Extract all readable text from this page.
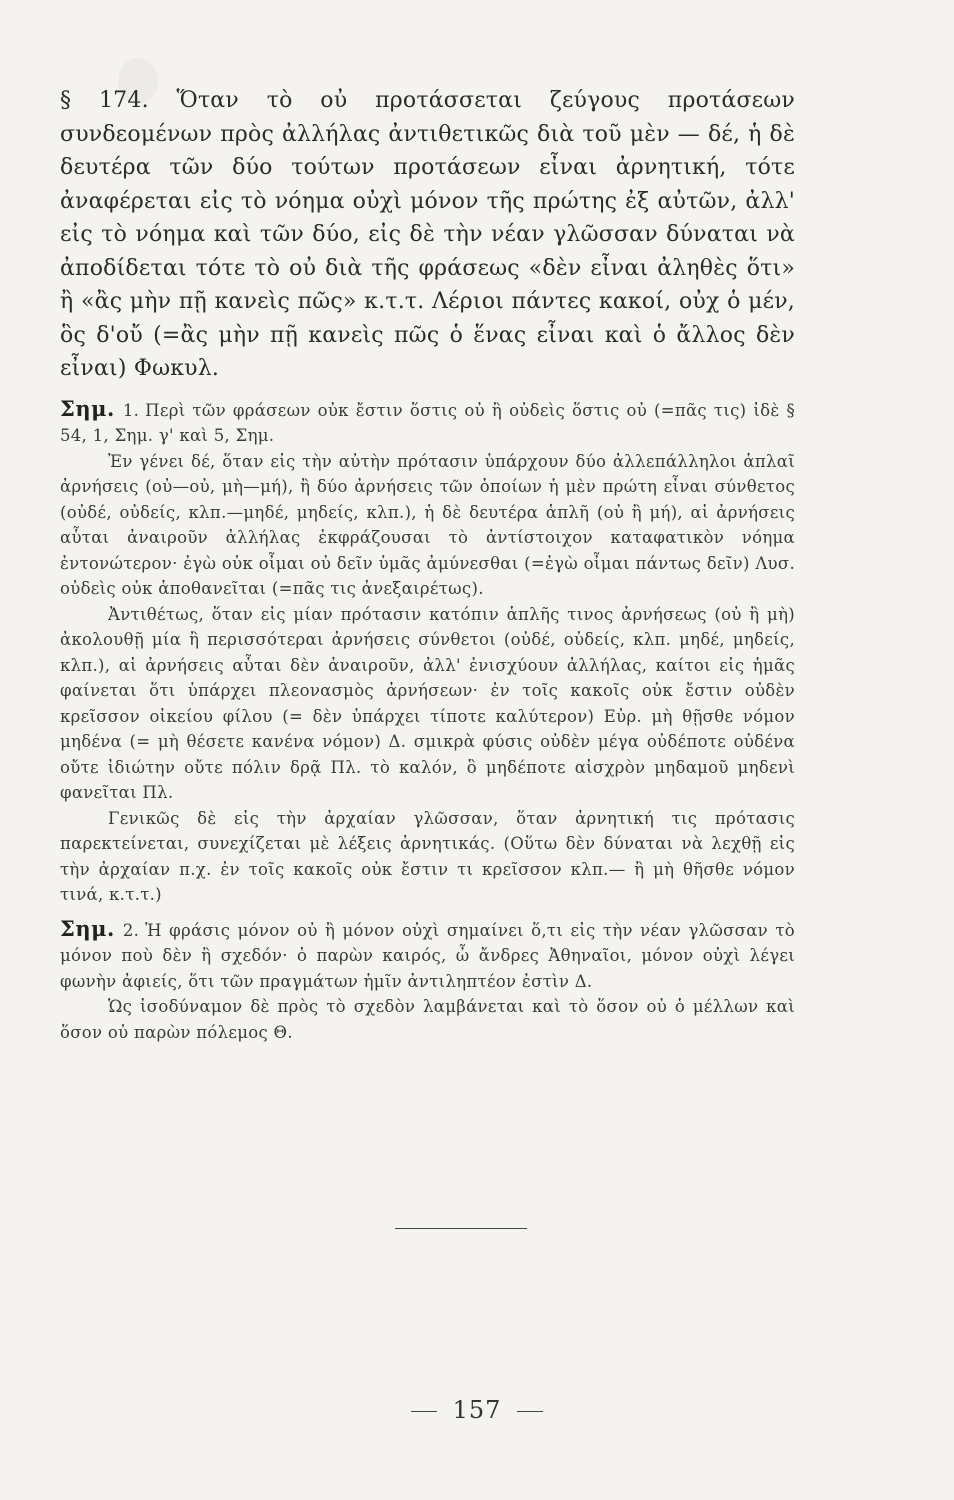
§ 174. Ὅταν τὸ οὐ προτάσσεται ζεύγους προτάσεων συνδεομένων πρὸς ἀλλήλας ἀντιθετικῶς διὰ τοῦ μὲν — δέ, ἡ δὲ δευτέρα τῶν δύο τούτων προτάσεων εἶναι ἀρνητική, τότε ἀναφέρεται εἰς τὸ νόημα οὐχὶ μόνον τῆς πρώτης ἐξ αὐτῶν, ἀλλ' εἰς τὸ νόημα καὶ τῶν δύο, εἰς δὲ τὴν νέαν γλῶσσαν δύναται νὰ ἀποδίδεται τότε τὸ οὐ διὰ τῆς φράσεως «δὲν εἶναι ἀληθὲς ὅτι» ἢ «ἂς μὴν πῇ κανεὶς πῶς» κ.τ.τ. Λέριοι πάντες κακοί, οὐχ ὁ μέν, ὃς δ'οὔ (=ἂς μὴν πῇ κανεὶς πῶς ὁ ἕνας εἶναι καὶ ὁ ἄλλος δὲν εἶναι) Φωκυλ.

Σημ. 1. Περὶ τῶν φράσεων οὐκ ἔστιν ὅστις οὐ ἢ οὐδεὶς ὅστις οὐ (=πᾶς τις) ἰδὲ § 54, 1, Σημ. γ' καὶ 5, Σημ.

Ἐν γένει δέ, ὅταν εἰς τὴν αὐτὴν πρότασιν ὑπάρχουν δύο ἀλλεπάλληλοι ἁπλαῖ ἀρνήσεις (οὐ—οὐ, μὴ—μή), ἢ δύο ἀρνήσεις τῶν ὁποίων ἡ μὲν πρώτη εἶναι σύνθετος (οὐδέ, οὐδείς, κλπ.—μηδέ, μηδείς, κλπ.), ἡ δὲ δευτέρα ἁπλῆ (οὐ ἢ μή), αἱ ἀρνήσεις αὗται ἀναιροῦν ἀλλήλας ἐκφράζουσαι τὸ ἀντίστοιχον καταφατικὸν νόημα ἐντονώτερον· ἐγὼ οὐκ οἶμαι οὐ δεῖν ὑμᾶς ἀμύνεσθαι (=ἐγὼ οἶμαι πάντως δεῖν) Λυσ. οὐδεὶς οὐκ ἀποθανεῖται (=πᾶς τις ἀνεξαιρέτως).

Ἀντιθέτως, ὅταν εἰς μίαν πρότασιν κατόπιν ἁπλῆς τινος ἀρνήσεως (οὐ ἢ μὴ) ἀκολουθῇ μία ἢ περισσότεραι ἀρνήσεις σύνθετοι (οὐδέ, οὐδείς, κλπ. μηδέ, μηδείς, κλπ.), αἱ ἀρνήσεις αὗται δὲν ἀναιροῦν, ἀλλ' ἐνισχύουν ἀλλήλας, καίτοι εἰς ἡμᾶς φαίνεται ὅτι ὑπάρχει πλεονασμὸς ἀρνήσεων· ἐν τοῖς κακοῖς οὐκ ἔστιν οὐδὲν κρεῖσσον οἰκείου φίλου (= δὲν ὑπάρχει τίποτε καλύτερον) Εὐρ. μὴ θῇσθε νόμον μηδένα (= μὴ θέσετε κανένα νόμον) Δ. σμικρὰ φύσις οὐδὲν μέγα οὐδέποτε οὐδένα οὔτε ἰδιώτην οὔτε πόλιν δρᾷ Πλ. τὸ καλόν, ὃ μηδέποτε αἰσχρὸν μηδαμοῦ μηδενὶ φανεῖται Πλ.

Γενικῶς δὲ εἰς τὴν ἀρχαίαν γλῶσσαν, ὅταν ἀρνητική τις πρότασις παρεκτείνεται, συνεχίζεται μὲ λέξεις ἀρνητικάς. (Οὕτω δὲν δύναται νὰ λεχθῇ εἰς τὴν ἀρχαίαν π.χ. ἐν τοῖς κακοῖς οὐκ ἔστιν τι κρεῖσσον κλπ.— ἢ μὴ θῆσθε νόμον τινά, κ.τ.τ.)

Σημ. 2. Ἡ φράσις μόνον οὐ ἢ μόνον οὐχὶ σημαίνει ὅ,τι εἰς τὴν νέαν γλῶσσαν τὸ μόνον ποὺ δὲν ἢ σχεδόν· ὁ παρὼν καιρός, ὦ ἄνδρες Ἀθηναῖοι, μόνον οὐχὶ λέγει φωνὴν ἀφιείς, ὅτι τῶν πραγμάτων ἡμῖν ἀντιληπτέον ἐστὶν Δ.

Ὡς ἰσοδύναμον δὲ πρὸς τὸ σχεδὸν λαμβάνεται καὶ τὸ ὅσον οὐ ὁ μέλλων καὶ ὅσον οὐ παρὼν πόλεμος Θ.

157
